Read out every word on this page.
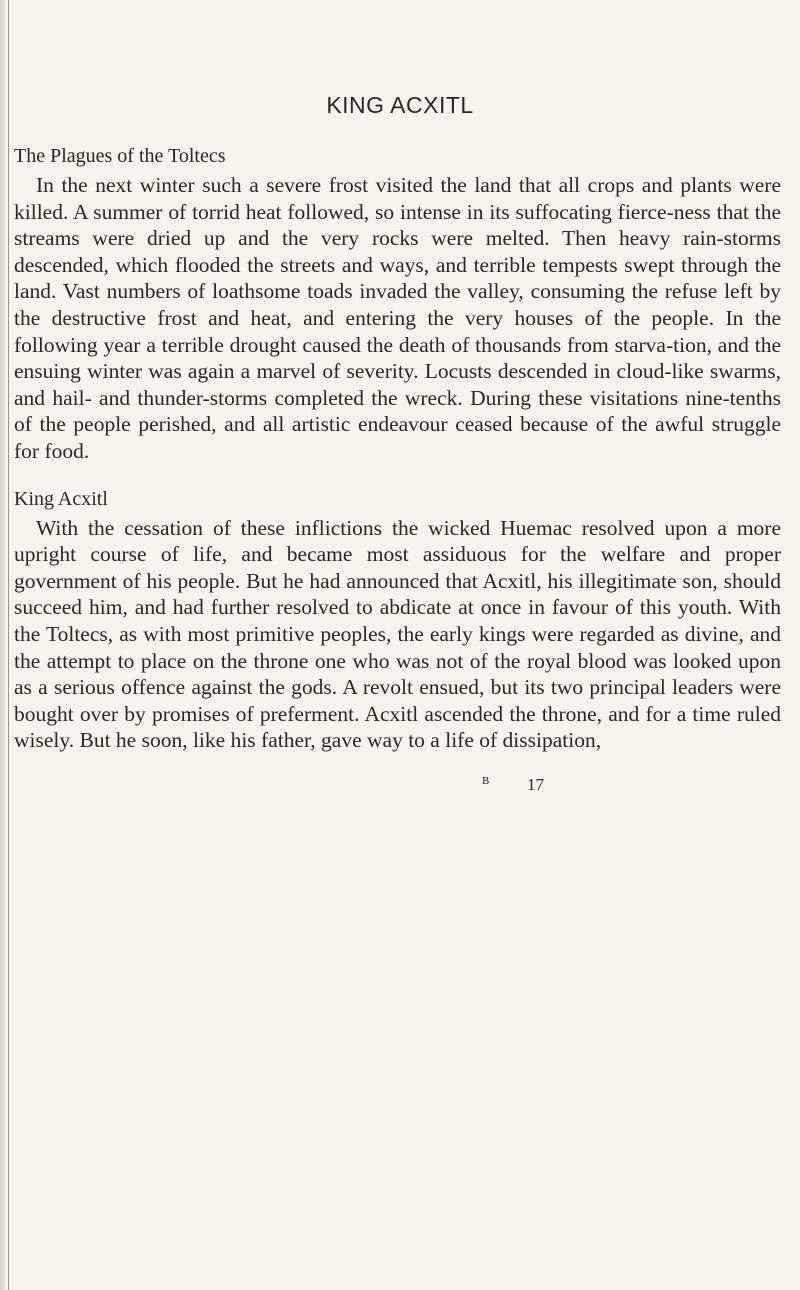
KING ACXITL
The Plagues of the Toltecs

In the next winter such a severe frost visited the land that all crops and plants were killed. A summer of torrid heat followed, so intense in its suffocating fierce-ness that the streams were dried up and the very rocks were melted. Then heavy rain-storms descended, which flooded the streets and ways, and terrible tempests swept through the land. Vast numbers of loathsome toads invaded the valley, consuming the refuse left by the destructive frost and heat, and entering the very houses of the people. In the following year a terrible drought caused the death of thousands from starva-tion, and the ensuing winter was again a marvel of severity. Locusts descended in cloud-like swarms, and hail- and thunder-storms completed the wreck. During these visitations nine-tenths of the people perished, and all artistic endeavour ceased because of the awful struggle for food.

King Acxitl

With the cessation of these inflictions the wicked Huemac resolved upon a more upright course of life, and became most assiduous for the welfare and proper government of his people. But he had announced that Acxitl, his illegitimate son, should succeed him, and had further resolved to abdicate at once in favour of this youth. With the Toltecs, as with most primitive peoples, the early kings were regarded as divine, and the attempt to place on the throne one who was not of the royal blood was looked upon as a serious offence against the gods. A revolt ensued, but its two principal leaders were bought over by promises of preferment. Acxitl ascended the throne, and for a time ruled wisely. But he soon, like his father, gave way to a life of dissipation,

B 17
